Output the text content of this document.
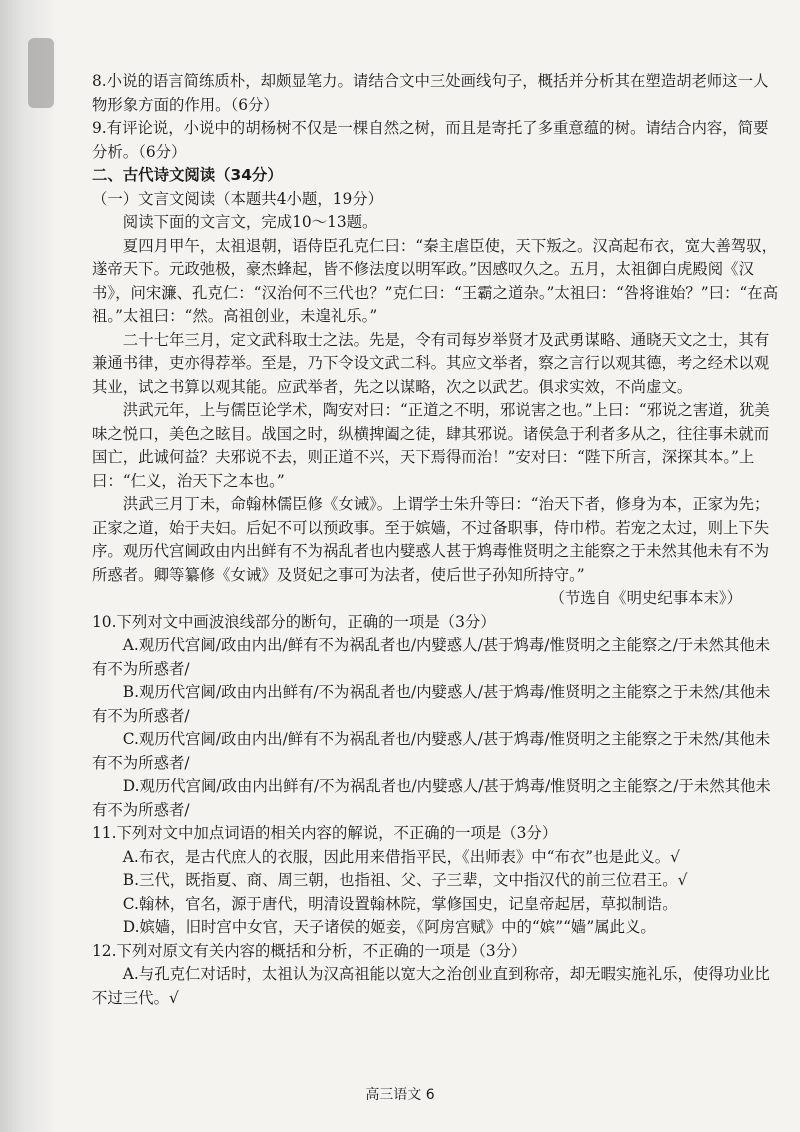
8.小说的语言简练质朴，却颇显笔力。请结合文中三处画线句子，概括并分析其在塑造胡老师这一人物形象方面的作用。（6分）

9.有评论说，小说中的胡杨树不仅是一棵自然之树，而且是寄托了多重意蕴的树。请结合内容，简要分析。（6分）

二、古代诗文阅读（34分）

（一）文言文阅读（本题共4小题，19分）

阅读下面的文言文，完成10～13题。

夏四月甲午，太祖退朝，语侍臣孔克仁曰：“秦主虐臣使，天下叛之。汉高起布衣，宽大善驾驭，遂帝天下。元政弛极，豪杰蜂起，皆不修法度以明军政。”因感叹久之。五月，太祖御白虎殿阅《汉书》，问宋濂、孔克仁：“汉治何不三代也？”克仁曰：“王霸之道杂。”太祖曰：“咎将谁始？”曰：“在高祖。”太祖曰：“然。高祖创业，未遑礼乐。”

二十七年三月，定文武科取士之法。先是，令有司每岁举贤才及武勇谋略、通晓天文之士，其有兼通书律，吏亦得荐举。至是，乃下令设文武二科。其应文举者，察之言行以观其德，考之经术以观其业，试之书算以观其能。应武举者，先之以谋略，次之以武艺。俱求实效，不尚虚文。

洪武元年，上与儒臣论学术，陶安对曰：“正道之不明，邪说害之也。”上曰：“邪说之害道，犹美味之悦口，美色之眩目。战国之时，纵横捭阖之徒，肆其邪说。诸侯急于利者多从之，往往事未就而国亡，此诚何益？夫邪说不去，则正道不兴，天下焉得而治！”安对曰：“陛下所言，深探其本。”上曰：“仁义，治天下之本也。”

洪武三月丁未，命翰林儒臣修《女诫》。上谓学士朱升等曰：“治天下者，修身为本，正家为先；正家之道，始于夫妇。后妃不可以预政事。至于嫔嫱，不过备职事，侍巾栉。若宠之太过，则上下失序。观历代宫阃政由内出鲜有不为祸乱者也内嬖惑人甚于鸩毒惟贤明之主能察之于未然其他未有不为所惑者。卿等纂修《女诫》及贤妃之事可为法者，使后世子孙知所持守。”

（节选自《明史纪事本末》）

10.下列对文中画波浪线部分的断句，正确的一项是（3分）

A.观历代宫阃/政由内出/鲜有不为祸乱者也/内嬖惑人/甚于鸩毒/惟贤明之主能察之/于未然其他未有不为所惑者/

B.观历代宫阃/政由内出鲜有/不为祸乱者也/内嬖惑人/甚于鸩毒/惟贤明之主能察之于未然/其他未有不为所惑者/

C.观历代宫阃/政由内出/鲜有不为祸乱者也/内嬖惑人/甚于鸩毒/惟贤明之主能察之于未然/其他未有不为所惑者/

D.观历代宫阃/政由内出鲜有/不为祸乱者也/内嬖惑人/甚于鸩毒/惟贤明之主能察之/于未然其他未有不为所惑者/

11.下列对文中加点词语的相关内容的解说，不正确的一项是（3分）

A.布衣，是古代庶人的衣服，因此用来借指平民，《出师表》中“布衣”也是此义。√

B.三代，既指夏、商、周三朝，也指祖、父、子三辈，文中指汉代的前三位君王。√

C.翰林，官名，源于唐代，明清设置翰林院，掌修国史，记皇帝起居，草拟制诰。

D.嫔嫱，旧时宫中女官，天子诸侯的姬妾，《阿房宫赋》中的“嫔”“嫱”属此义。

12.下列对原文有关内容的概括和分析，不正确的一项是（3分）

A.与孔克仁对话时，太祖认为汉高祖能以宽大之治创业直到称帝，却无暇实施礼乐，使得功业比不过三代。√

高三语文 6
